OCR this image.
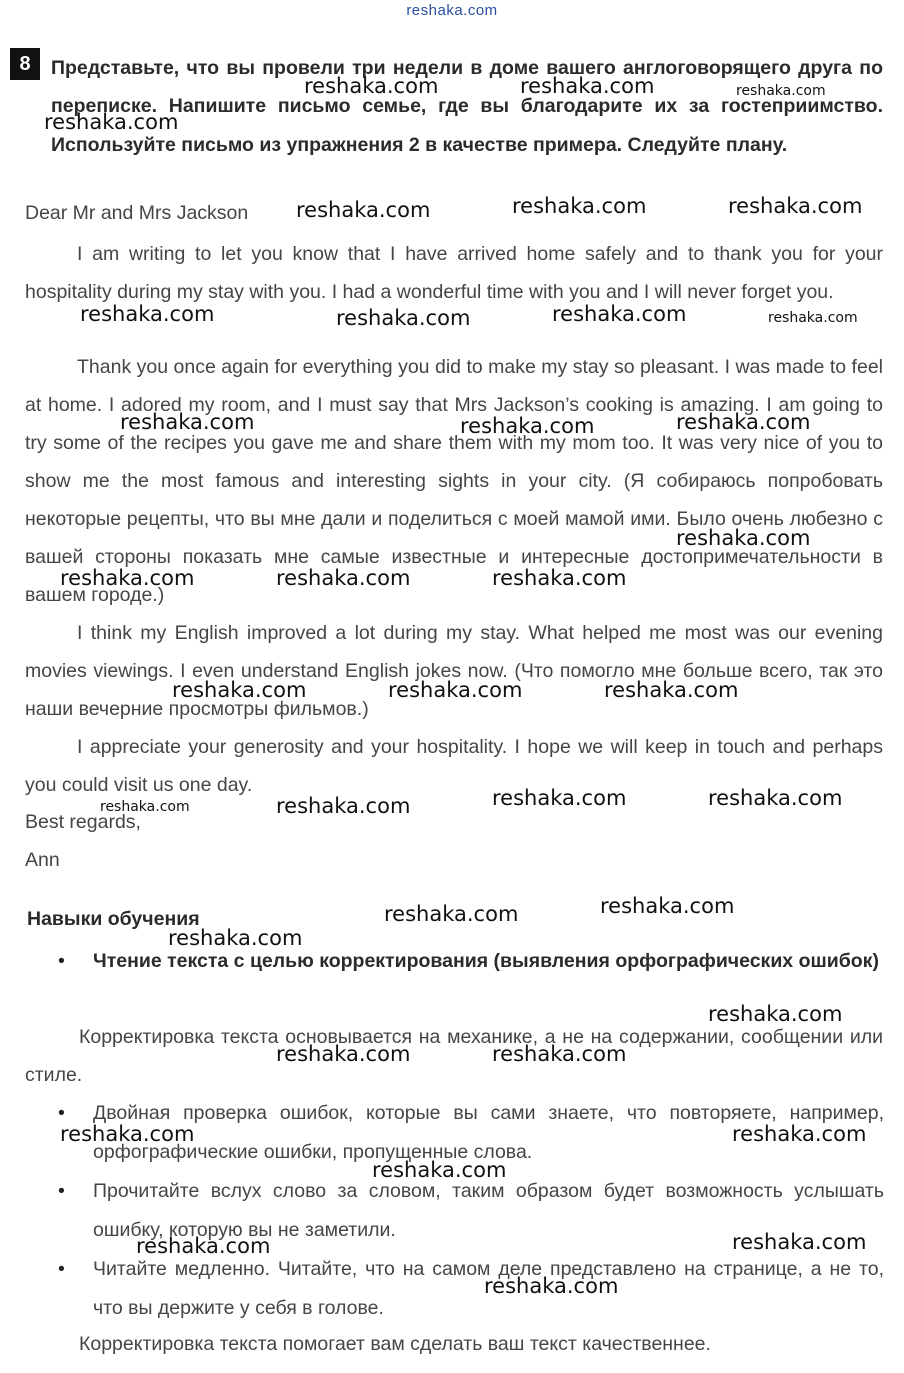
reshaka.com
8	Представьте, что вы провели три недели в доме вашего англоговорящего друга по переписке. Напишите письмо семье, где вы благодарите их за гостеприимство. Используйте письмо из упражнения 2 в качестве примера. Следуйте плану.
Dear Mr and Mrs Jackson
I am writing to let you know that I have arrived home safely and to thank you for your hospitality during my stay with you. I had a wonderful time with you and I will never forget you.
Thank you once again for everything you did to make my stay so pleasant. I was made to feel at home. I adored my room, and I must say that Mrs Jackson’s cooking is amazing. I am going to try some of the recipes you gave me and share them with my mom too. It was very nice of you to show me the most famous and interesting sights in your city. (Я собираюсь попробовать некоторые рецепты, что вы мне дали и поделиться с моей мамой ими. Было очень любезно с вашей стороны показать мне самые известные и интересные достопримечательности в вашем городе.)
I think my English improved a lot during my stay. What helped me most was our evening movies viewings. I even understand English jokes now. (Что помогло мне больше всего, так это наши вечерние просмотры фильмов.)
I appreciate your generosity and your hospitality. I hope we will keep in touch and perhaps you could visit us one day.
Best regards,
Ann
Навыки обучения
• Чтение текста с целью корректирования (выявления орфографических ошибок)
Корректировка текста основывается на механике, а не на содержании, сообщении или стиле.
• Двойная проверка ошибок, которые вы сами знаете, что повторяете, например, орфографические ошибки, пропущенные слова.
• Прочитайте вслух слово за словом, таким образом будет возможность услышать ошибку, которую вы не заметили.
• Читайте медленно. Читайте, что на самом деле представлено на странице, а не то, что вы держите у себя в голове.
Корректировка текста помогает вам сделать ваш текст качественнее.
reshaka.com	reshaka.com	reshaka.com
reshaka.com
reshaka.com	reshaka.com	reshaka.com
reshaka.com	reshaka.com	reshaka.com	reshaka.com
reshaka.com	reshaka.com	reshaka.com
reshaka.com
reshaka.com	reshaka.com	reshaka.com
reshaka.com	reshaka.com	reshaka.com
reshaka.com	reshaka.com	reshaka.com	reshaka.com
reshaka.com	reshaka.com
reshaka.com
reshaka.com
reshaka.com	reshaka.com
reshaka.com	reshaka.com
reshaka.com
reshaka.com	reshaka.com
reshaka.com
